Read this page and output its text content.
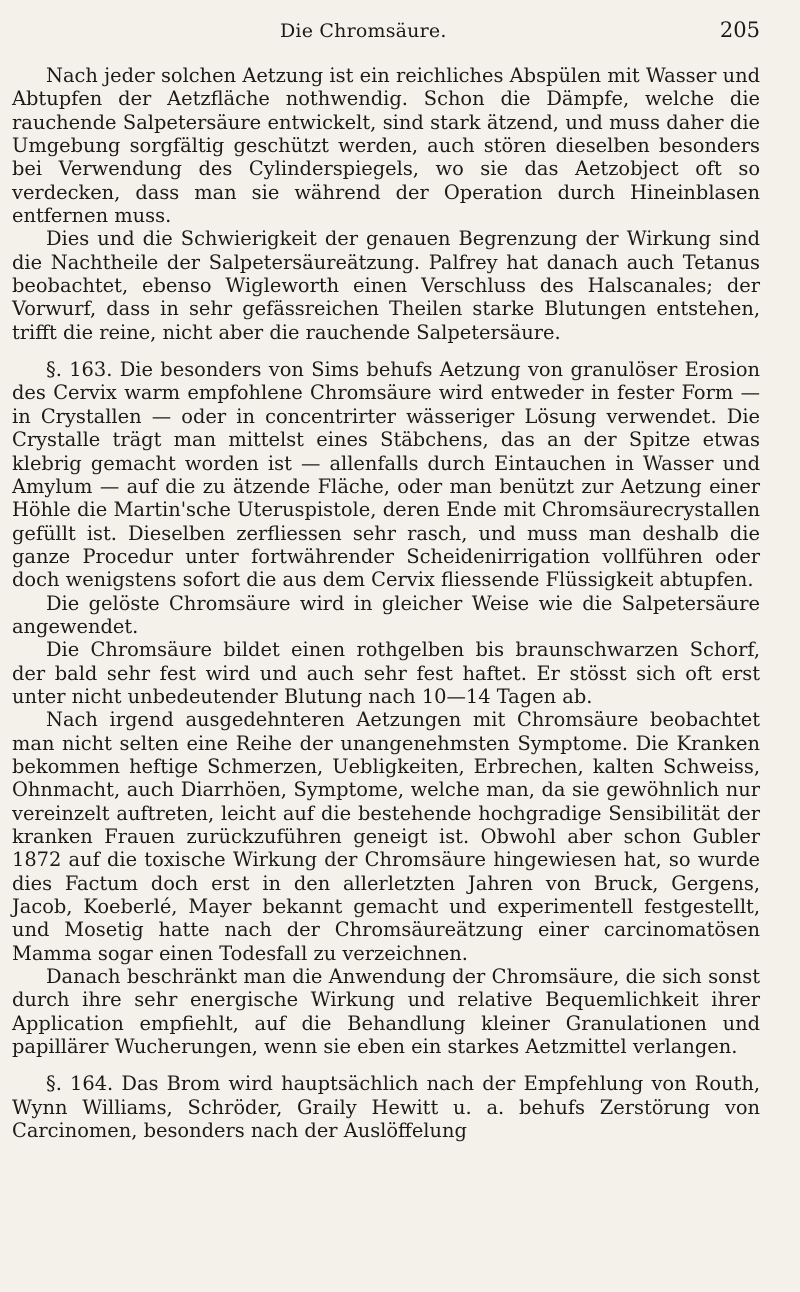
Die Chromsäure.	205

Nach jeder solchen Aetzung ist ein reichliches Abspülen mit Wasser und Abtupfen der Aetzfläche nothwendig. Schon die Dämpfe, welche die rauchende Salpetersäure entwickelt, sind stark ätzend, und muss daher die Umgebung sorgfältig geschützt werden, auch stören dieselben besonders bei Verwendung des Cylinderspiegels, wo sie das Aetzobject oft so verdecken, dass man sie während der Operation durch Hineinblasen entfernen muss.

Dies und die Schwierigkeit der genauen Begrenzung der Wirkung sind die Nachtheile der Salpetersäureätzung. Palfrey hat danach auch Tetanus beobachtet, ebenso Wigleworth einen Verschluss des Halscanales; der Vorwurf, dass in sehr gefässreichen Theilen starke Blutungen entstehen, trifft die reine, nicht aber die rauchende Salpetersäure.

§. 163. Die besonders von Sims behufs Aetzung von granulöser Erosion des Cervix warm empfohlene Chromsäure wird entweder in fester Form — in Crystallen — oder in concentrirter wässeriger Lösung verwendet. Die Crystalle trägt man mittelst eines Stäbchens, das an der Spitze etwas klebrig gemacht worden ist — allenfalls durch Eintauchen in Wasser und Amylum — auf die zu ätzende Fläche, oder man benützt zur Aetzung einer Höhle die Martin'sche Uteruspistole, deren Ende mit Chromsäurecrystallen gefüllt ist. Dieselben zerfliessen sehr rasch, und muss man deshalb die ganze Procedur unter fortwährender Scheidenirrigation vollführen oder doch wenigstens sofort die aus dem Cervix fliessende Flüssigkeit abtupfen.

Die gelöste Chromsäure wird in gleicher Weise wie die Salpetersäure angewendet.

Die Chromsäure bildet einen rothgelben bis braunschwarzen Schorf, der bald sehr fest wird und auch sehr fest haftet. Er stösst sich oft erst unter nicht unbedeutender Blutung nach 10—14 Tagen ab.

Nach irgend ausgedehnteren Aetzungen mit Chromsäure beobachtet man nicht selten eine Reihe der unangenehmsten Symptome. Die Kranken bekommen heftige Schmerzen, Uebligkeiten, Erbrechen, kalten Schweiss, Ohnmacht, auch Diarrhöen, Symptome, welche man, da sie gewöhnlich nur vereinzelt auftreten, leicht auf die bestehende hochgradige Sensibilität der kranken Frauen zurückzuführen geneigt ist. Obwohl aber schon Gubler 1872 auf die toxische Wirkung der Chromsäure hingewiesen hat, so wurde dies Factum doch erst in den allerletzten Jahren von Bruck, Gergens, Jacob, Koeberlé, Mayer bekannt gemacht und experimentell festgestellt, und Mosetig hatte nach der Chromsäureätzung einer carcinomatösen Mamma sogar einen Todesfall zu verzeichnen.

Danach beschränkt man die Anwendung der Chromsäure, die sich sonst durch ihre sehr energische Wirkung und relative Bequemlichkeit ihrer Application empfiehlt, auf die Behandlung kleiner Granulationen und papillärer Wucherungen, wenn sie eben ein starkes Aetzmittel verlangen.

§. 164. Das Brom wird hauptsächlich nach der Empfehlung von Routh, Wynn Williams, Schröder, Graily Hewitt u. a. behufs Zerstörung von Carcinomen, besonders nach der Auslöffelung
